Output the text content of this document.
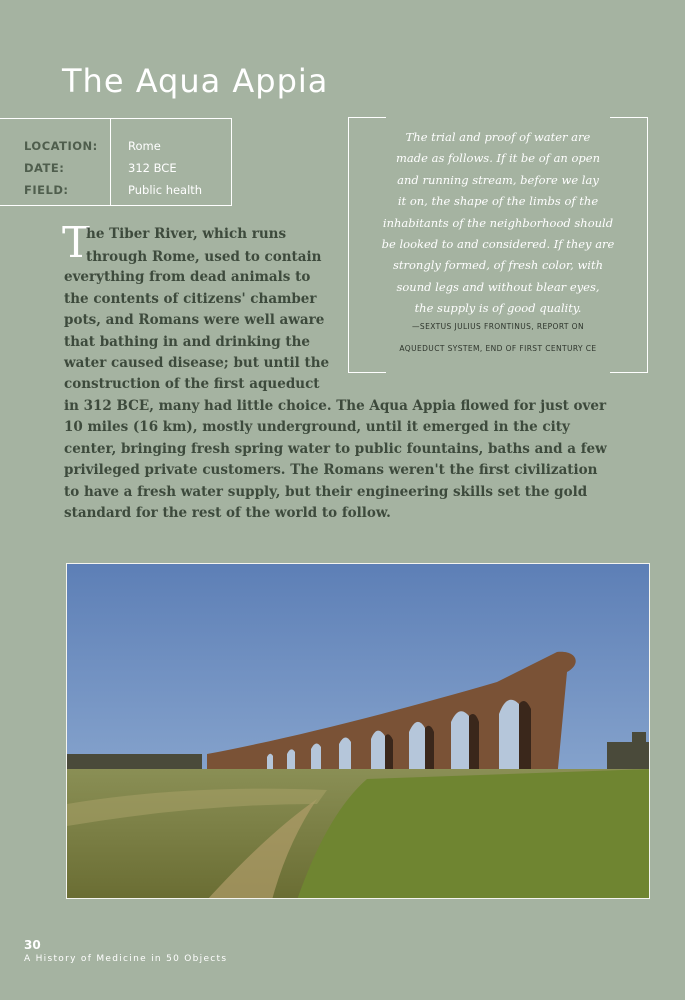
The Aqua Appia
LOCATION:
DATE:
FIELD:
Rome
312 BCE
Public health
The trial and proof of water are
made as follows. If it be of an open
and running stream, before we lay
it on, the shape of the limbs of the
inhabitants of the neighborhood should
be looked to and considered. If they are
strongly formed, of fresh color, with
sound legs and without blear eyes,
the supply is of good quality.
—SEXTUS JULIUS FRONTINUS, REPORT ON
AQUEDUCT SYSTEM, END OF FIRST CENTURY CE
T
he Tiber River, which runs
through Rome, used to contain
everything from dead animals to
the contents of citizens' chamber
pots, and Romans were well aware
that bathing in and drinking the
water caused disease; but until the
construction of the first aqueduct
in 312 BCE, many had little choice. The Aqua Appia flowed for just over
10 miles (16 km), mostly underground, until it emerged in the city
center, bringing fresh spring water to public fountains, baths and a few
privileged private customers. The Romans weren't the first civilization
to have a fresh water supply, but their engineering skills set the gold
standard for the rest of the world to follow.
30
A History of Medicine in 50 Objects
